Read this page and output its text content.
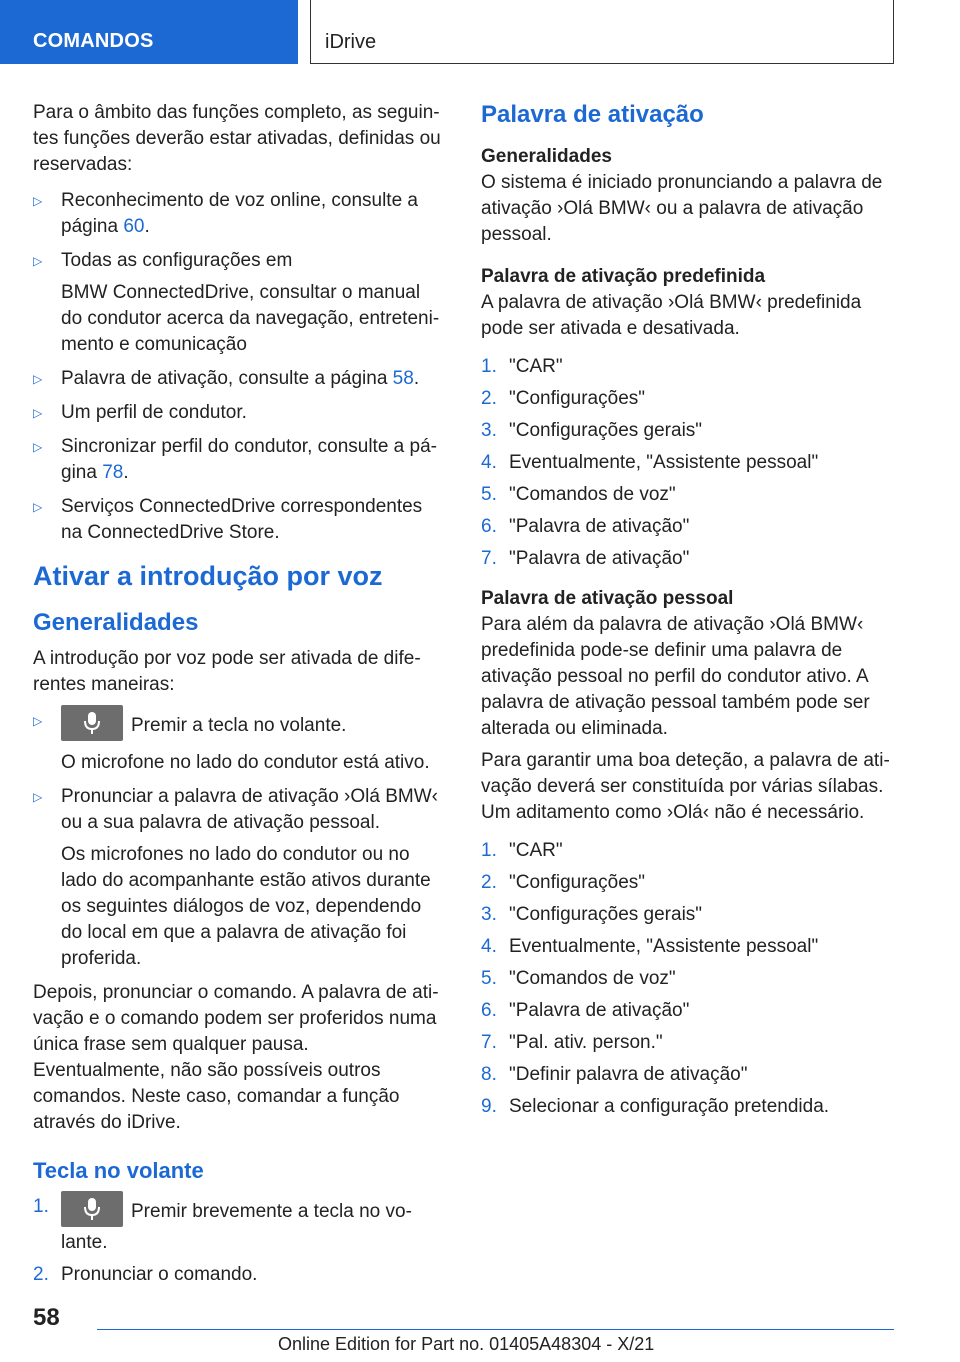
COMANDOS	iDrive

Para o âmbito das funções completo, as seguintes funções deverão estar ativadas, definidas ou reservadas:

▷ Reconhecimento de voz online, consulte a página 60.
▷ Todas as configurações em
BMW ConnectedDrive, consultar o manual do condutor acerca da navegação, entretenimento e comunicação
▷ Palavra de ativação, consulte a página 58.
▷ Um perfil de condutor.
▷ Sincronizar perfil do condutor, consulte a página 78.
▷ Serviços ConnectedDrive correspondentes na ConnectedDrive Store.
Ativar a introdução por voz
Generalidades

A introdução por voz pode ser ativada de diferentes maneiras:

▷	Premir a tecla no volante.
O microfone no lado do condutor está ativo.
▷ Pronunciar a palavra de ativação ›Olá BMW‹ ou a sua palavra de ativação pessoal.
Os microfones no lado do condutor ou no lado do acompanhante estão ativos durante os seguintes diálogos de voz, dependendo do local em que a palavra de ativação foi proferida.

Depois, pronunciar o comando. A palavra de ativação e o comando podem ser proferidos numa única frase sem qualquer pausa. Eventualmente, não são possíveis outros comandos. Neste caso, comandar a função através do iDrive.

Tecla no volante
1.	Premir brevemente a tecla no volante.
2. Pronunciar o comando.
Palavra de ativação
Generalidades

O sistema é iniciado pronunciando a palavra de ativação ›Olá BMW‹ ou a palavra de ativação pessoal.

Palavra de ativação predefinida

A palavra de ativação ›Olá BMW‹ predefinida pode ser ativada e desativada.

1. "CAR"
2. "Configurações"
3. "Configurações gerais"
4. Eventualmente, "Assistente pessoal"
5. "Comandos de voz"
6. "Palavra de ativação"
7. "Palavra de ativação"
Palavra de ativação pessoal

Para além da palavra de ativação ›Olá BMW‹ predefinida pode-se definir uma palavra de ativação pessoal no perfil do condutor ativo. A palavra de ativação pessoal também pode ser alterada ou eliminada.

Para garantir uma boa deteção, a palavra de ativação deverá ser constituída por várias sílabas. Um aditamento como ›Olá‹ não é necessário.

1. "CAR"
2. "Configurações"
3. "Configurações gerais"
4. Eventualmente, "Assistente pessoal"
5. "Comandos de voz"
6. "Palavra de ativação"
7. "Pal. ativ. person."
8. "Definir palavra de ativação"
9. Selecionar a configuração pretendida.
58
Online Edition for Part no. 01405A48304 - X/21
